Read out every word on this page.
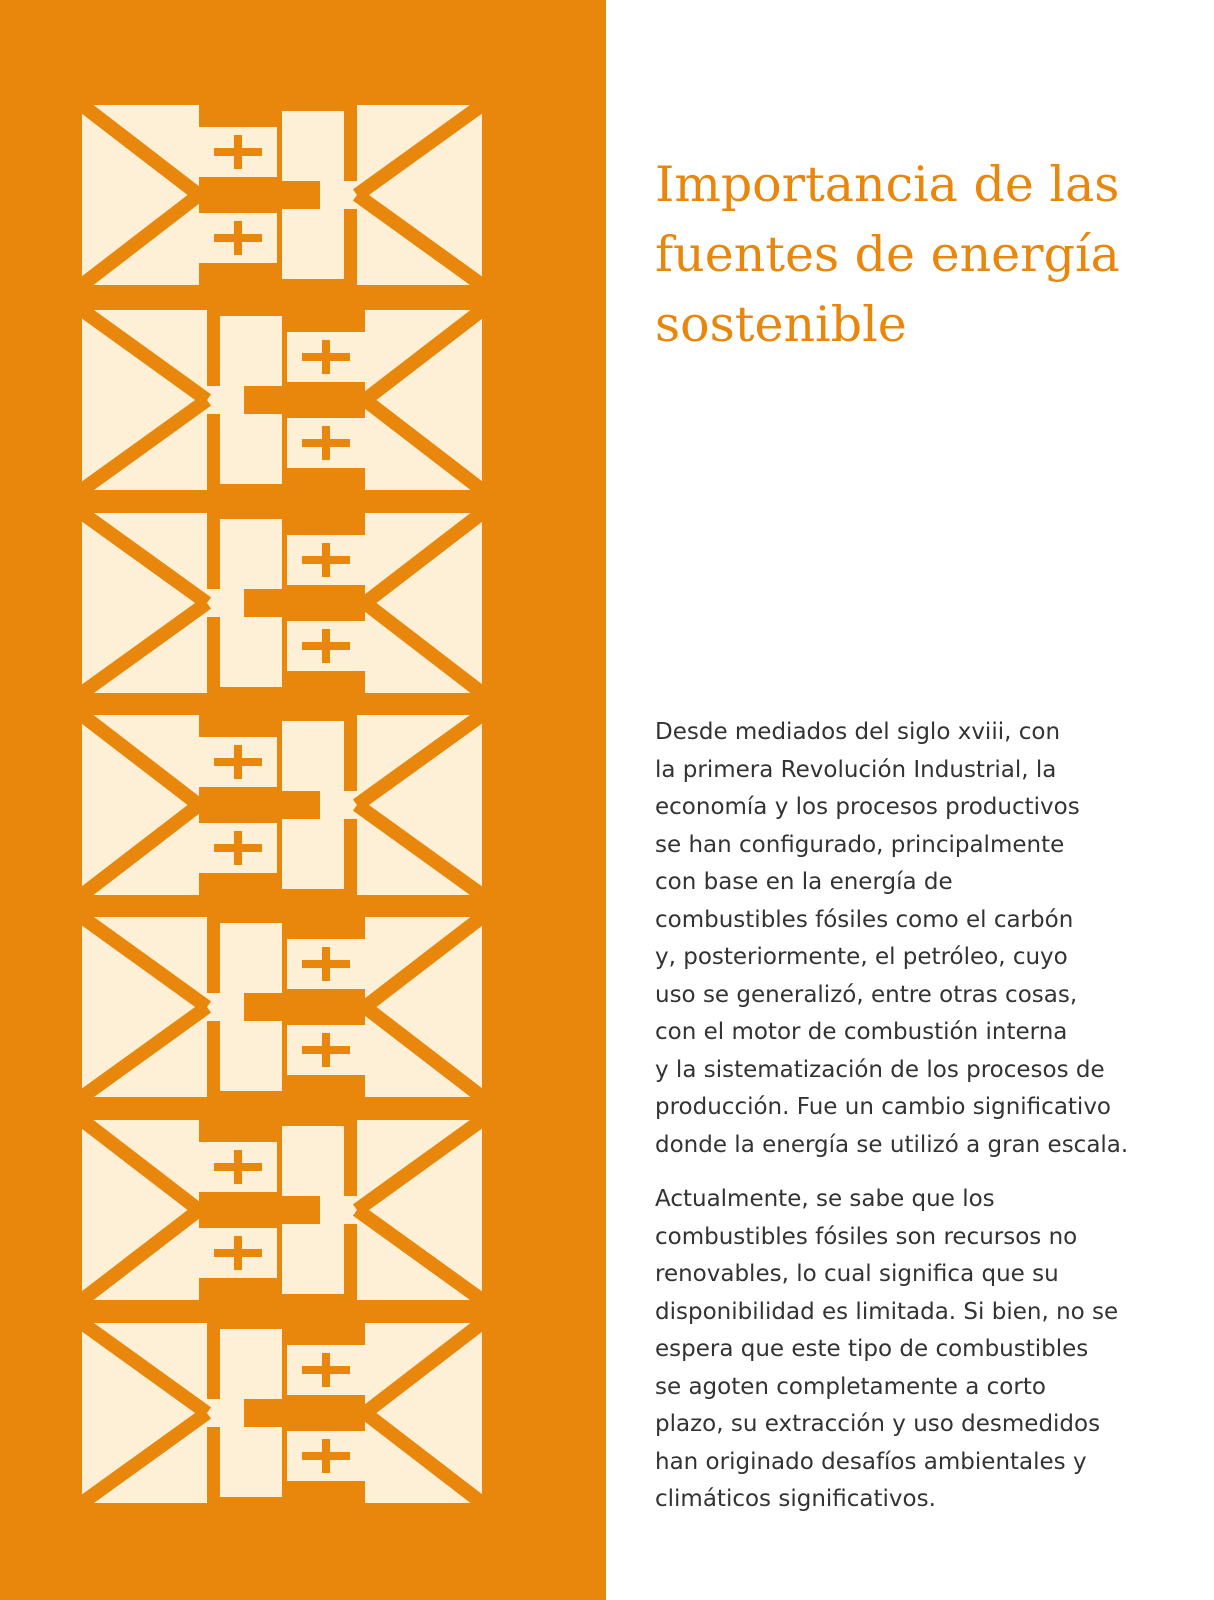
Importancia de las
fuentes de energía
sostenible

Desde mediados del siglo xviii, con
la primera Revolución Industrial, la
economía y los procesos productivos
se han configurado, principalmente
con base en la energía de
combustibles fósiles como el carbón
y, posteriormente, el petróleo, cuyo
uso se generalizó, entre otras cosas,
con el motor de combustión interna
y la sistematización de los procesos de
producción. Fue un cambio significativo
donde la energía se utilizó a gran escala.

Actualmente, se sabe que los
combustibles fósiles son recursos no
renovables, lo cual significa que su
disponibilidad es limitada. Si bien, no se
espera que este tipo de combustibles
se agoten completamente a corto
plazo, su extracción y uso desmedidos
han originado desafíos ambientales y
climáticos significativos.
